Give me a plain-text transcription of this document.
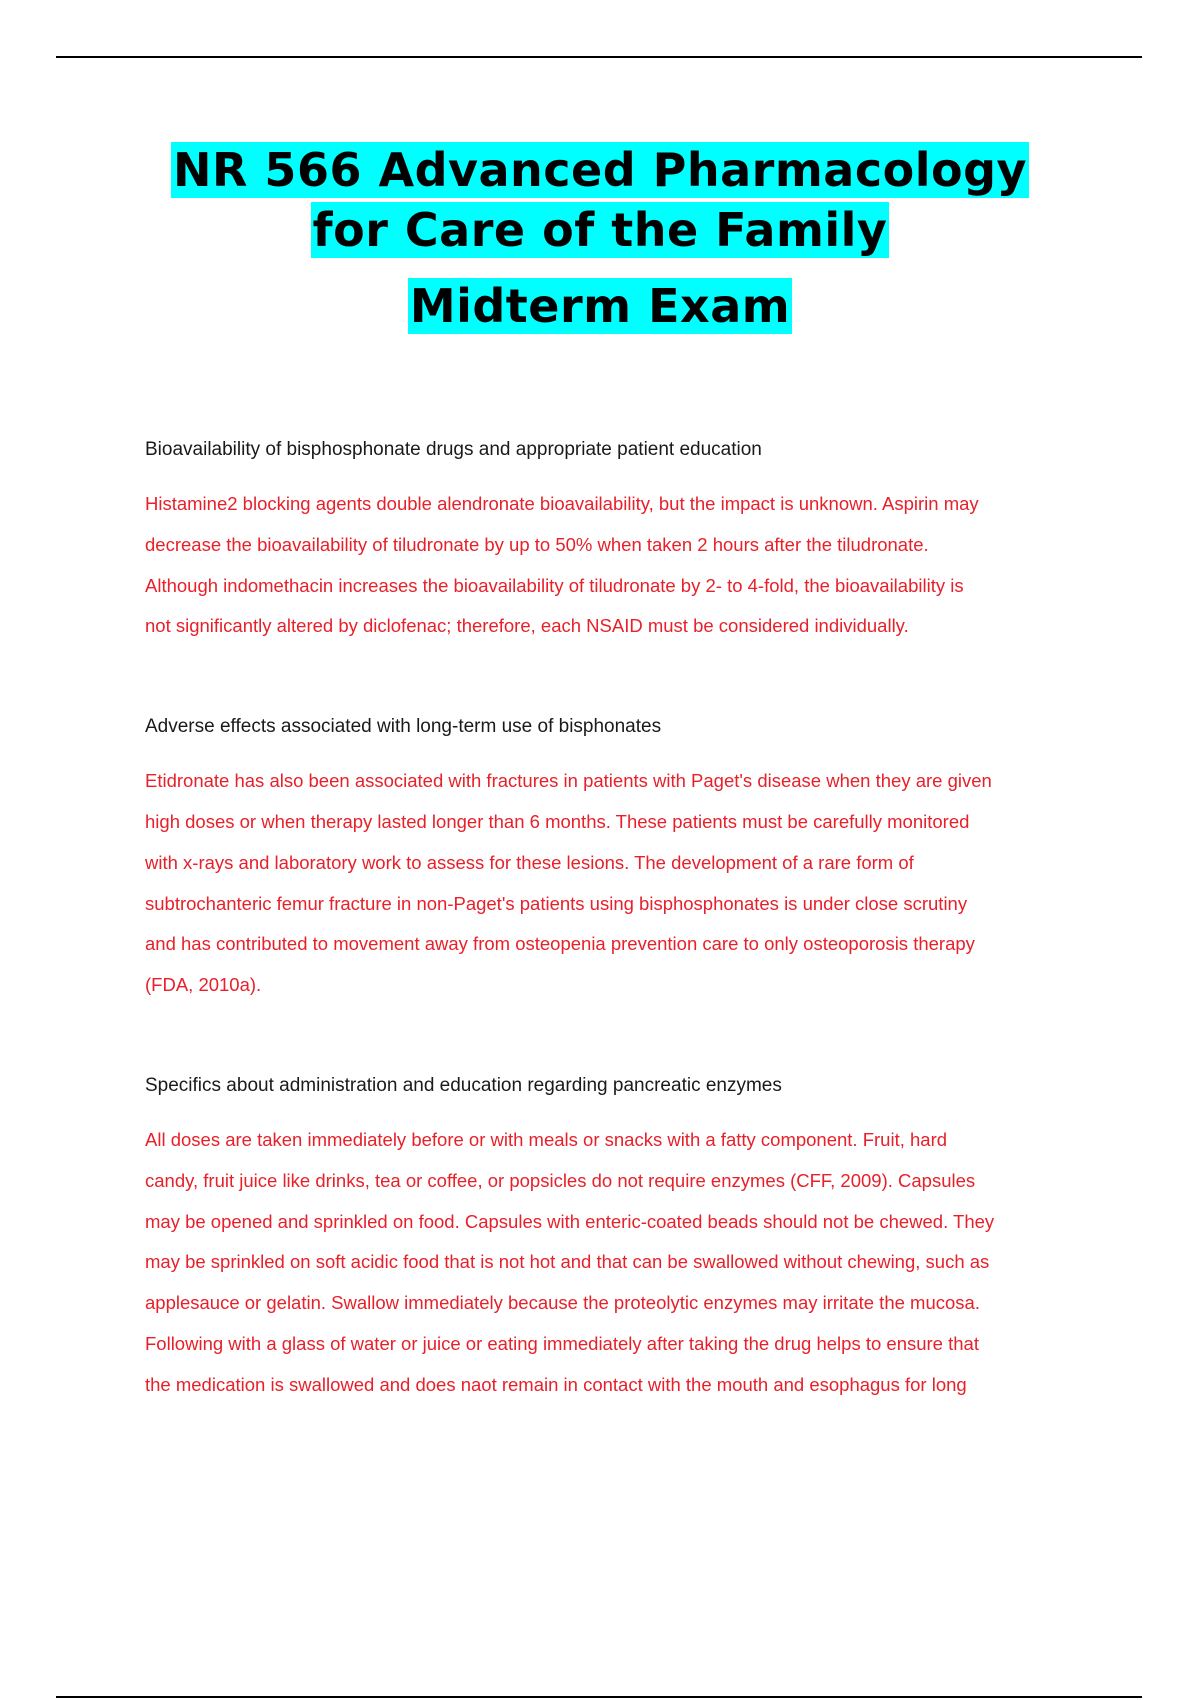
NR 566 Advanced Pharmacology
for Care of the Family
Midterm Exam

Bioavailability of bisphosphonate drugs and appropriate patient education

Histamine2 blocking agents double alendronate bioavailability, but the impact is unknown. Aspirin may
decrease the bioavailability of tiludronate by up to 50% when taken 2 hours after the tiludronate.
Although indomethacin increases the bioavailability of tiludronate by 2- to 4-fold, the bioavailability is
not significantly altered by diclofenac; therefore, each NSAID must be considered individually.

Adverse effects associated with long-term use of bisphonates

Etidronate has also been associated with fractures in patients with Paget's disease when they are given
high doses or when therapy lasted longer than 6 months. These patients must be carefully monitored
with x-rays and laboratory work to assess for these lesions. The development of a rare form of
subtrochanteric femur fracture in non-Paget's patients using bisphosphonates is under close scrutiny
and has contributed to movement away from osteopenia prevention care to only osteoporosis therapy
(FDA, 2010a).

Specifics about administration and education regarding pancreatic enzymes

All doses are taken immediately before or with meals or snacks with a fatty component. Fruit, hard
candy, fruit juice like drinks, tea or coffee, or popsicles do not require enzymes (CFF, 2009). Capsules
may be opened and sprinkled on food. Capsules with enteric-coated beads should not be chewed. They
may be sprinkled on soft acidic food that is not hot and that can be swallowed without chewing, such as
applesauce or gelatin. Swallow immediately because the proteolytic enzymes may irritate the mucosa.
Following with a glass of water or juice or eating immediately after taking the drug helps to ensure that
the medication is swallowed and does naot remain in contact with the mouth and esophagus for long
